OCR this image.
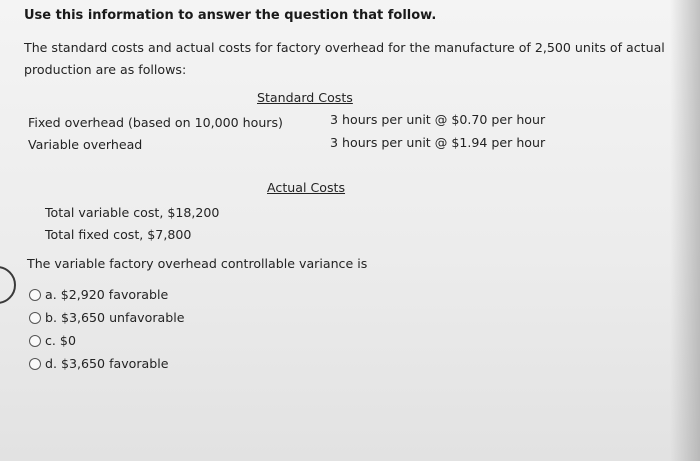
Use this information to answer the question that follow.
The standard costs and actual costs for factory overhead for the manufacture of 2,500 units of actual
production are as follows:
Standard Costs
Fixed overhead (based on 10,000 hours)	3 hours per unit @ $0.70 per hour
Variable overhead	3 hours per unit @ $1.94 per hour
Actual Costs
Total variable cost, $18,200
Total fixed cost, $7,800
The variable factory overhead controllable variance is
a. $2,920 favorable
b. $3,650 unfavorable
c. $0
d. $3,650 favorable
